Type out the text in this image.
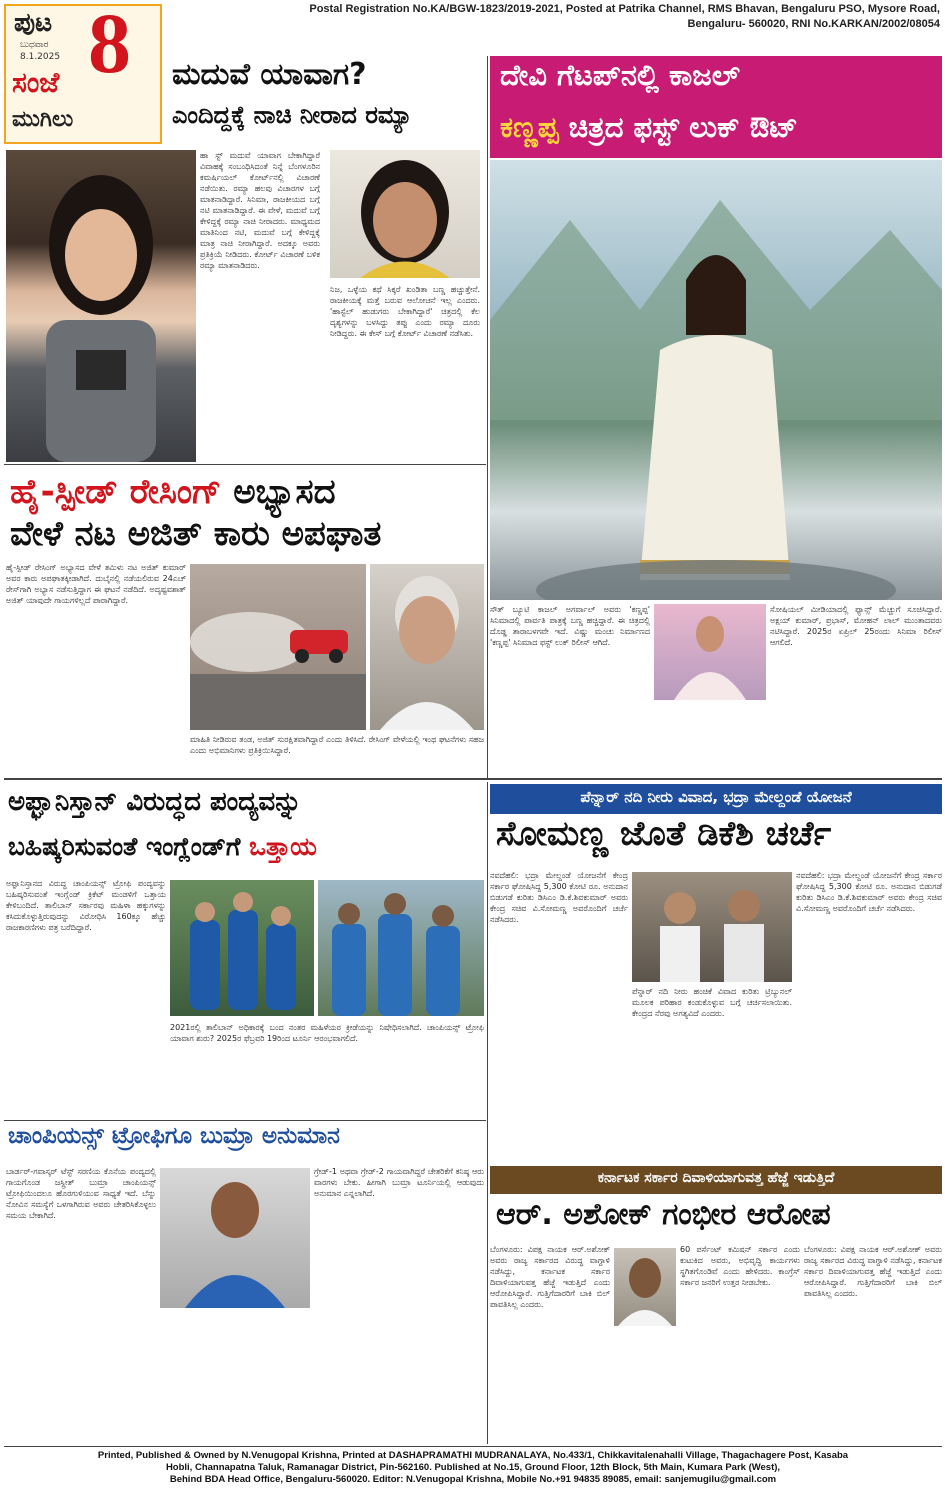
ಪುಟ 8
ಬುಧವಾರ
8.1.2025
ಸಂಜೆ
ಮುಗಿಲು
Postal Registration No.KA/BGW-1823/2019-2021, Posted at Patrika Channel, RMS Bhavan, Bengaluru PSO, Mysore Road,
Bengaluru- 560020, RNI No.KARKAN/2002/08054
ಮದುವೆ ಯಾವಾಗ?
ಎಂದಿದ್ದಕ್ಕೆ ನಾಚಿ ನೀರಾದ ರಮ್ಯಾ
ಹಾ ಸ್ಟ್ ಮದುವೆ ಯಾವಾಗ ಬೇಕಾಗಿದ್ದಾರೆ ವಿವಾಹಕ್ಕೆ ಸಂಬಂಧಿಸಿದಂತೆ ನಿನ್ನೆ ಬೆಂಗಳೂರಿನ ಕಮರ್ಷಿಯಲ್ ಕೋರ್ಟ್‌ನಲ್ಲಿ ವಿಚಾರಣೆ ನಡೆಯಿತು. ರಮ್ಯಾ ಹಲವು ವಿಚಾರಗಳ ಬಗ್ಗೆ ಮಾತನಾಡಿದ್ದಾರೆ. ಸಿನಿಮಾ, ರಾಜಕೀಯದ ಬಗ್ಗೆ ನಟಿ ಮಾತನಾಡಿದ್ದಾರೆ. ಈ ವೇಳೆ, ಮದುವೆ ಬಗ್ಗೆ ಕೇಳಿದ್ದಕ್ಕೆ ರಮ್ಯಾ ನಾಚಿ ನೀರಾದರು. ಮಾಧ್ಯಮದ ಮಾತಿನಿಂದ ನಟಿ, ಮದುವೆ ಬಗ್ಗೆ ಕೇಳಿದ್ದಕ್ಕೆ ಮಾತ್ರ ನಾಚಿ ನೀರಾಗಿದ್ದಾರೆ. ಅದಕ್ಕೂ ಅವರು ಪ್ರತಿಕ್ರಿಯೆ ನೀಡಿದರು. ಕೋರ್ಟ್ ವಿಚಾರಣೆ ಬಳಿಕ ರಮ್ಯಾ ಮಾತನಾಡಿದರು.
ನಿಜ, ಒಳ್ಳೆಯ ಕಥೆ ಸಿಕ್ಕರೆ ಖಂಡಿತಾ ಬಣ್ಣ ಹಚ್ಚುತ್ತೇನೆ. ರಾಜಕೀಯಕ್ಕೆ ಮತ್ತೆ ಬರುವ ಆಲೋಚನೆ ಇಲ್ಲ ಎಂದರು. 'ಹಾಸ್ಟೆಲ್ ಹುಡುಗರು ಬೇಕಾಗಿದ್ದಾರೆ' ಚಿತ್ರದಲ್ಲಿ ಕೆಲ ದೃಶ್ಯಗಳನ್ನು ಬಳಸಿದ್ದು ತಪ್ಪು ಎಂದು ರಮ್ಯಾ ದೂರು ನೀಡಿದ್ದರು. ಈ ಕೇಸ್ ಬಗ್ಗೆ ಕೋರ್ಟ್ ವಿಚಾರಣೆ ನಡೆಸಿತು.
ದೇವಿ ಗೆಟಪ್‌ನಲ್ಲಿ ಕಾಜಲ್
ಕಣ್ಣಪ್ಪ ಚಿತ್ರದ ಫಸ್ಟ್ ಲುಕ್ ಔಟ್
ಸೌತ್ ಬ್ಯೂಟಿ ಕಾಜಲ್ ಅಗರ್ವಾಲ್ ಅವರು 'ಕಣ್ಣಪ್ಪ' ಸಿನಿಮಾದಲ್ಲಿ ಪಾರ್ವತಿ ಪಾತ್ರಕ್ಕೆ ಬಣ್ಣ ಹಚ್ಚಿದ್ದಾರೆ. ಈ ಚಿತ್ರದಲ್ಲಿ ದೊಡ್ಡ ತಾರಾಬಳಗವೇ ಇದೆ. ವಿಷ್ಣು ಮಂಚು ನಿರ್ಮಾಣದ 'ಕಣ್ಣಪ್ಪ' ಸಿನಿಮಾದ ಫಸ್ಟ್ ಲುಕ್ ರಿಲೀಸ್ ಆಗಿದೆ.
ಸೋಷಿಯಲ್ ಮೀಡಿಯಾದಲ್ಲಿ ಫ್ಯಾನ್ಸ್ ಮೆಚ್ಚುಗೆ ಸೂಚಿಸಿದ್ದಾರೆ. ಅಕ್ಷಯ್ ಕುಮಾರ್, ಪ್ರಭಾಸ್, ಮೋಹನ್ ಲಾಲ್ ಮುಂತಾದವರು ನಟಿಸಿದ್ದಾರೆ. 2025ರ ಏಪ್ರಿಲ್ 25ರಂದು ಸಿನಿಮಾ ರಿಲೀಸ್ ಆಗಲಿದೆ.
ಹೈ-ಸ್ಪೀಡ್ ರೇಸಿಂಗ್ ಅಭ್ಯಾಸದ
ವೇಳೆ ನಟ ಅಜಿತ್ ಕಾರು ಅಪಘಾತ
ಹೈ-ಸ್ಪೀಡ್ ರೇಸಿಂಗ್ ಅಭ್ಯಾಸದ ವೇಳೆ ತಮಿಳು ನಟ ಅಜಿತ್ ಕುಮಾರ್ ಅವರ ಕಾರು ಅಪಘಾತಕ್ಕೀಡಾಗಿದೆ. ದುಬೈನಲ್ಲಿ ನಡೆಯಲಿರುವ 24ಎಚ್ ರೇಸ್‌ಗಾಗಿ ಅಭ್ಯಾಸ ನಡೆಸುತ್ತಿದ್ದಾಗ ಈ ಘಟನೆ ನಡೆದಿದೆ. ಅದೃಷ್ಟವಶಾತ್ ಅಜಿತ್ ಯಾವುದೇ ಗಾಯಗಳಿಲ್ಲದೆ ಪಾರಾಗಿದ್ದಾರೆ.
ಮಾಹಿತಿ ನೀಡಿರುವ ತಂಡ, ಅಜಿತ್ ಸುರಕ್ಷಿತವಾಗಿದ್ದಾರೆ ಎಂದು ತಿಳಿಸಿದೆ. ರೇಸಿಂಗ್ ವೇಳೆಯಲ್ಲಿ ಇಂಥ ಘಟನೆಗಳು ಸಹಜ ಎಂದು ಅಭಿಮಾನಿಗಳು ಪ್ರತಿಕ್ರಿಯಿಸಿದ್ದಾರೆ.
ಅಫ್ಘಾನಿಸ್ತಾನ್ ವಿರುದ್ಧದ ಪಂದ್ಯವನ್ನು
ಬಹಿಷ್ಕರಿಸುವಂತೆ ಇಂಗ್ಲೆಂಡ್‌ಗೆ ಒತ್ತಾಯ
ಅಫ್ಘಾನಿಸ್ತಾನದ ವಿರುದ್ಧ ಚಾಂಪಿಯನ್ಸ್ ಟ್ರೋಫಿ ಪಂದ್ಯವನ್ನು ಬಹಿಷ್ಕರಿಸುವಂತೆ ಇಂಗ್ಲೆಂಡ್ ಕ್ರಿಕೆಟ್ ಮಂಡಳಿಗೆ ಒತ್ತಾಯ ಕೇಳಿಬಂದಿದೆ. ತಾಲಿಬಾನ್ ಸರ್ಕಾರವು ಮಹಿಳಾ ಹಕ್ಕುಗಳನ್ನು ಕಸಿದುಕೊಳ್ಳುತ್ತಿರುವುದನ್ನು ವಿರೋಧಿಸಿ 160ಕ್ಕೂ ಹೆಚ್ಚು ರಾಜಕಾರಣಿಗಳು ಪತ್ರ ಬರೆದಿದ್ದಾರೆ.
2021ರಲ್ಲಿ ತಾಲಿಬಾನ್ ಅಧಿಕಾರಕ್ಕೆ ಬಂದ ನಂತರ ಮಹಿಳೆಯರ ಕ್ರೀಡೆಯನ್ನು ನಿಷೇಧಿಸಲಾಗಿದೆ. ಚಾಂಪಿಯನ್ಸ್ ಟ್ರೋಫಿ ಯಾವಾಗ ಶುರು? 2025ರ ಫೆಬ್ರವರಿ 19ರಿಂದ ಟೂರ್ನಿ ಆರಂಭವಾಗಲಿದೆ.
ಪೆನ್ನಾರ್ ನದಿ ನೀರು ವಿವಾದ, ಭದ್ರಾ ಮೇಲ್ದಂಡೆ ಯೋಜನೆ
ಸೋಮಣ್ಣ ಜೊತೆ ಡಿಕೆಶಿ ಚರ್ಚೆ
ನವದೆಹಲಿ: ಭದ್ರಾ ಮೇಲ್ದಂಡೆ ಯೋಜನೆಗೆ ಕೇಂದ್ರ ಸರ್ಕಾರ ಘೋಷಿಸಿದ್ದ 5,300 ಕೋಟಿ ರೂ. ಅನುದಾನ ಬಿಡುಗಡೆ ಕುರಿತು ಡಿಸಿಎಂ ಡಿ.ಕೆ.ಶಿವಕುಮಾರ್ ಅವರು ಕೇಂದ್ರ ಸಚಿವ ವಿ.ಸೋಮಣ್ಣ ಅವರೊಂದಿಗೆ ಚರ್ಚೆ ನಡೆಸಿದರು.
ಪೆನ್ನಾರ್ ನದಿ ನೀರು ಹಂಚಿಕೆ ವಿವಾದ ಕುರಿತು ಟ್ರಿಬ್ಯುನಲ್ ಮೂಲಕ ಪರಿಹಾರ ಕಂಡುಕೊಳ್ಳುವ ಬಗ್ಗೆ ಚರ್ಚಿಸಲಾಯಿತು. ಕೇಂದ್ರದ ನೆರವು ಅಗತ್ಯವಿದೆ ಎಂದರು.
ನವದೆಹಲಿ: ಭದ್ರಾ ಮೇಲ್ದಂಡೆ ಯೋಜನೆಗೆ ಕೇಂದ್ರ ಸರ್ಕಾರ ಘೋಷಿಸಿದ್ದ 5,300 ಕೋಟಿ ರೂ. ಅನುದಾನ ಬಿಡುಗಡೆ ಕುರಿತು ಡಿಸಿಎಂ ಡಿ.ಕೆ.ಶಿವಕುಮಾರ್ ಅವರು ಕೇಂದ್ರ ಸಚಿವ ವಿ.ಸೋಮಣ್ಣ ಅವರೊಂದಿಗೆ ಚರ್ಚೆ ನಡೆಸಿದರು.
ಚಾಂಪಿಯನ್ಸ್ ಟ್ರೋಫಿಗೂ ಬುಮ್ರಾ ಅನುಮಾನ
ಬಾರ್ಡರ್-ಗವಾಸ್ಕರ್ ಟೆಸ್ಟ್ ಸರಣಿಯ ಕೊನೆಯ ಪಂದ್ಯದಲ್ಲಿ ಗಾಯಗೊಂಡ ಜಸ್ಪ್ರೀತ್ ಬುಮ್ರಾ ಚಾಂಪಿಯನ್ಸ್ ಟ್ರೋಫಿಯಿಂದಲೂ ಹೊರಗುಳಿಯುವ ಸಾಧ್ಯತೆ ಇದೆ. ಬೆನ್ನು ನೋವಿನ ಸಮಸ್ಯೆಗೆ ಒಳಗಾಗಿರುವ ಅವರು ಚೇತರಿಸಿಕೊಳ್ಳಲು ಸಮಯ ಬೇಕಾಗಿದೆ.
ಗ್ರೇಡ್-1 ಅಥವಾ ಗ್ರೇಡ್-2 ಗಾಯವಾಗಿದ್ದರೆ ಚೇತರಿಕೆಗೆ ಕನಿಷ್ಠ ಆರು ವಾರಗಳು ಬೇಕು. ಹೀಗಾಗಿ ಬುಮ್ರಾ ಟೂರ್ನಿಯಲ್ಲಿ ಆಡುವುದು ಅನುಮಾನ ಎನ್ನಲಾಗಿದೆ.
ಕರ್ನಾಟಕ ಸರ್ಕಾರ ದಿವಾಳಿಯಾಗುವತ್ತ ಹೆಜ್ಜೆ ಇಡುತ್ತಿದೆ
ಆರ್. ಅಶೋಕ್ ಗಂಭೀರ ಆರೋಪ
ಬೆಂಗಳೂರು: ವಿಪಕ್ಷ ನಾಯಕ ಆರ್.ಅಶೋಕ್ ಅವರು ರಾಜ್ಯ ಸರ್ಕಾರದ ವಿರುದ್ಧ ವಾಗ್ದಾಳಿ ನಡೆಸಿದ್ದು, ಕರ್ನಾಟಕ ಸರ್ಕಾರ ದಿವಾಳಿಯಾಗುವತ್ತ ಹೆಜ್ಜೆ ಇಡುತ್ತಿದೆ ಎಂದು ಆರೋಪಿಸಿದ್ದಾರೆ. ಗುತ್ತಿಗೆದಾರರಿಗೆ ಬಾಕಿ ಬಿಲ್ ಪಾವತಿಸಿಲ್ಲ ಎಂದರು.
60 ಪರ್ಸೆಂಟ್ ಕಮಿಷನ್ ಸರ್ಕಾರ ಎಂದು ಕುಟುಕಿದ ಅವರು, ಅಭಿವೃದ್ಧಿ ಕಾರ್ಯಗಳು ಸ್ಥಗಿತಗೊಂಡಿವೆ ಎಂದು ಹೇಳಿದರು. ಕಾಂಗ್ರೆಸ್ ಸರ್ಕಾರ ಜನರಿಗೆ ಉತ್ತರ ನೀಡಬೇಕು.
ಬೆಂಗಳೂರು: ವಿಪಕ್ಷ ನಾಯಕ ಆರ್.ಅಶೋಕ್ ಅವರು ರಾಜ್ಯ ಸರ್ಕಾರದ ವಿರುದ್ಧ ವಾಗ್ದಾಳಿ ನಡೆಸಿದ್ದು, ಕರ್ನಾಟಕ ಸರ್ಕಾರ ದಿವಾಳಿಯಾಗುವತ್ತ ಹೆಜ್ಜೆ ಇಡುತ್ತಿದೆ ಎಂದು ಆರೋಪಿಸಿದ್ದಾರೆ. ಗುತ್ತಿಗೆದಾರರಿಗೆ ಬಾಕಿ ಬಿಲ್ ಪಾವತಿಸಿಲ್ಲ ಎಂದರು.
Printed, Published & Owned by N.Venugopal Krishna, Printed at DASHAPRAMATHI MUDRANALAYA, No.433/1, Chikkavitalenahalli Village, Thagachagere Post, Kasaba
Hobli, Channapatna Taluk, Ramanagar District, Pin-562160. Published at No.15, Ground Floor, 12th Block, 5th Main, Kumara Park (West),
Behind BDA Head Office, Bengaluru-560020. Editor: N.Venugopal Krishna, Mobile No.+91 94835 89085, email: sanjemugilu@gmail.com
